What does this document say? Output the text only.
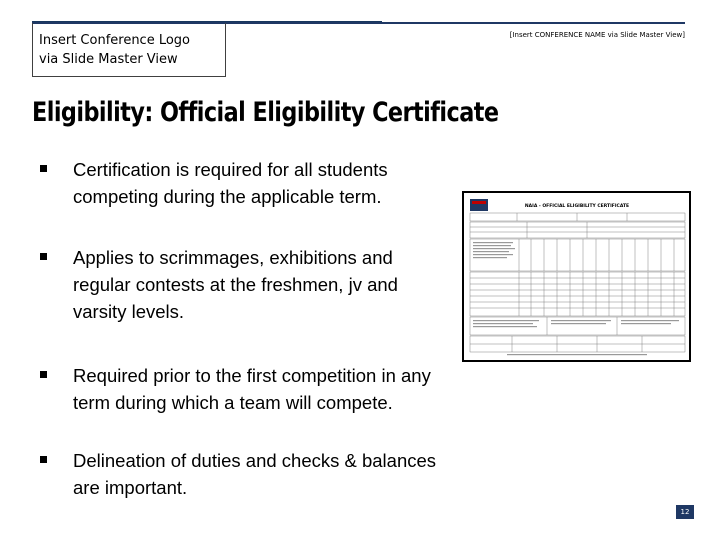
Insert Conference Logo
via Slide Master View
[Insert CONFERENCE NAME via Slide Master View]
Eligibility: Official Eligibility Certificate
Certification is required for all students
competing during the applicable term.
Applies to scrimmages, exhibitions and
regular contests at the freshmen, jv and
varsity levels.
Required prior to the first competition in any
term during which a team will compete.
Delineation of duties and checks & balances
are important.
NAIA - OFFICIAL ELIGIBILITY CERTIFICATE
12
